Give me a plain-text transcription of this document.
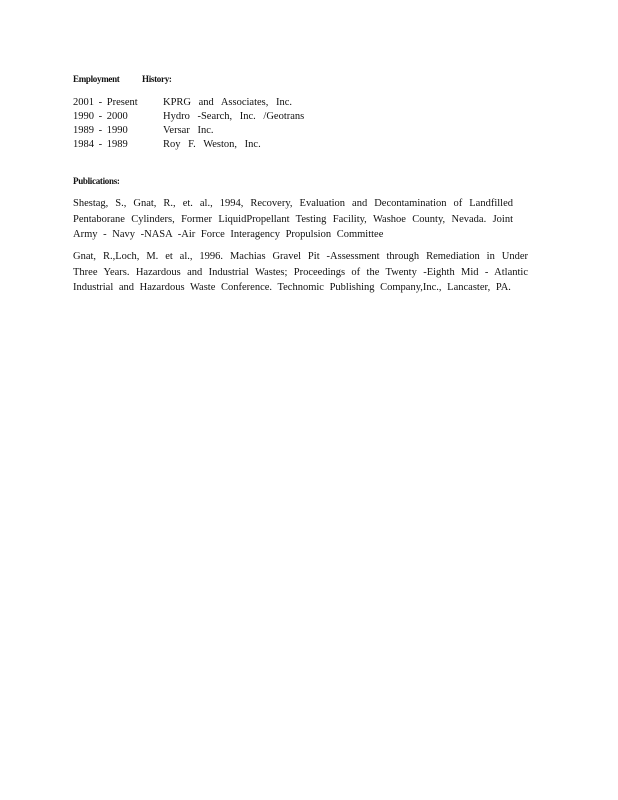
Employment History:
2001 - Present KPRG and Associates, Inc.
1990 - 2000	Hydro -Search, Inc. /Geotrans
1989 - 1990	Versar Inc.
1984 - 1989	Roy F. Weston, Inc.
Publications:

Shestag, S., Gnat, R., et. al., 1994, Recovery, Evaluation and Decontamination of Landfilled Pentaborane Cylinders, Former LiquidPropellant Testing Facility, Washoe County, Nevada. Joint Army - Navy -NASA -Air Force Interagency Propulsion Committee

Gnat, R.,Loch, M. et al., 1996. Machias Gravel Pit -Assessment through Remediation in Under Three Years. Hazardous and Industrial Wastes; Proceedings of the Twenty -Eighth Mid - Atlantic Industrial and Hazardous Waste Conference. Technomic Publishing Company,Inc., Lancaster, PA.
